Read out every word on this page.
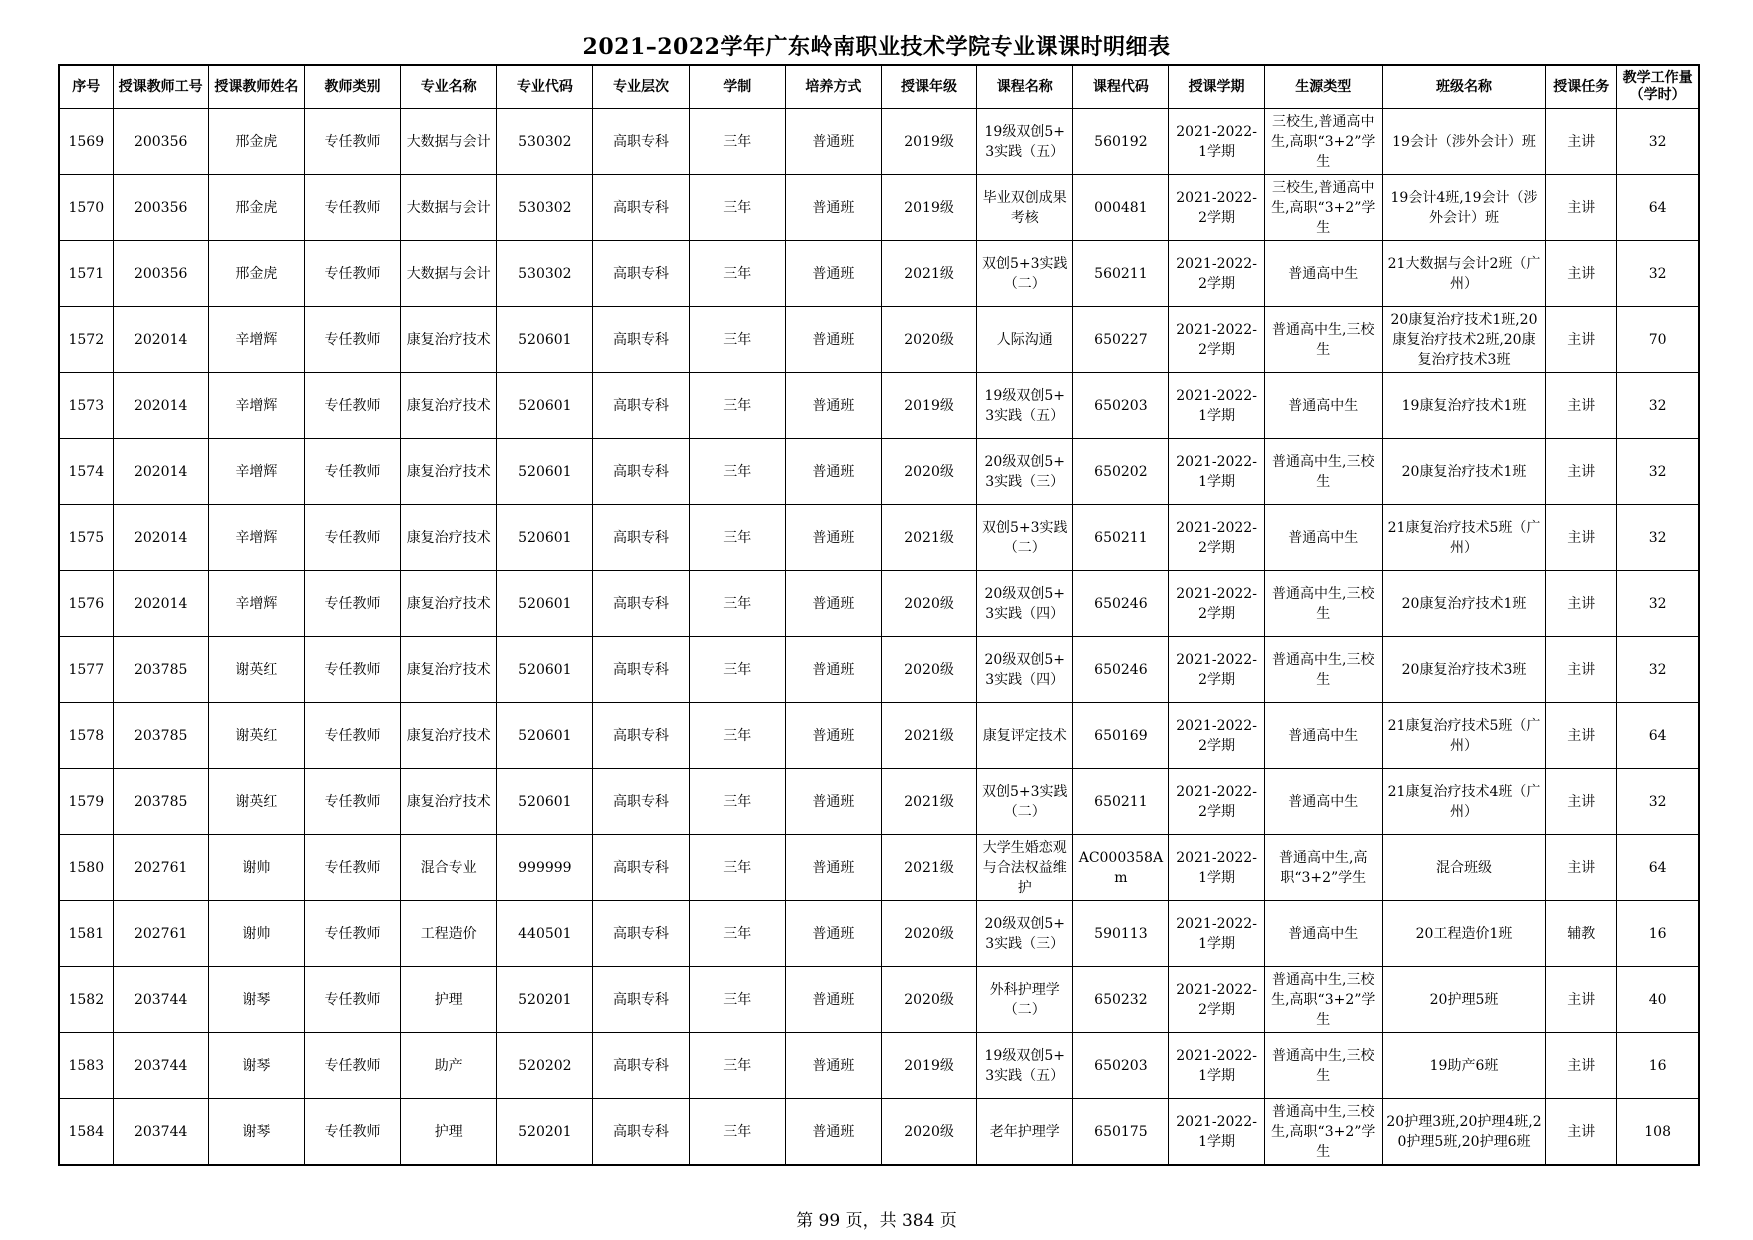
2021–2022学年广东岭南职业技术学院专业课课时明细表
序号	授课教师工号	授课教师姓名	教师类别	专业名称	专业代码	专业层次	学制	培养方式	授课年级	课程名称	课程代码	授课学期	生源类型	班级名称	授课任务	教学工作量（学时）

1569	200356	邢金虎	专任教师	大数据与会计	530302	高职专科	三年	普通班	2019级	19级双创5+3实践（五）	560192	2021-2022-1学期	三校生,普通高中生,高职“3+2”学生	19会计（涉外会计）班	主讲	32

1570	200356	邢金虎	专任教师	大数据与会计	530302	高职专科	三年	普通班	2019级	毕业双创成果考核	000481	2021-2022-2学期	三校生,普通高中生,高职“3+2”学生	19会计4班,19会计（涉外会计）班	主讲	64

1571	200356	邢金虎	专任教师	大数据与会计	530302	高职专科	三年	普通班	2021级	双创5+3实践（二）	560211	2021-2022-2学期	普通高中生	21大数据与会计2班（广州）	主讲	32

1572	202014	辛增辉	专任教师	康复治疗技术	520601	高职专科	三年	普通班	2020级	人际沟通	650227	2021-2022-2学期	普通高中生,三校生	20康复治疗技术1班,20康复治疗技术2班,20康复治疗技术3班	主讲	70

1573	202014	辛增辉	专任教师	康复治疗技术	520601	高职专科	三年	普通班	2019级	19级双创5+3实践（五）	650203	2021-2022-1学期	普通高中生	19康复治疗技术1班	主讲	32

1574	202014	辛增辉	专任教师	康复治疗技术	520601	高职专科	三年	普通班	2020级	20级双创5+3实践（三）	650202	2021-2022-1学期	普通高中生,三校生	20康复治疗技术1班	主讲	32

1575	202014	辛增辉	专任教师	康复治疗技术	520601	高职专科	三年	普通班	2021级	双创5+3实践（二）	650211	2021-2022-2学期	普通高中生	21康复治疗技术5班（广州）	主讲	32

1576	202014	辛增辉	专任教师	康复治疗技术	520601	高职专科	三年	普通班	2020级	20级双创5+3实践（四）	650246	2021-2022-2学期	普通高中生,三校生	20康复治疗技术1班	主讲	32

1577	203785	谢英红	专任教师	康复治疗技术	520601	高职专科	三年	普通班	2020级	20级双创5+3实践（四）	650246	2021-2022-2学期	普通高中生,三校生	20康复治疗技术3班	主讲	32

1578	203785	谢英红	专任教师	康复治疗技术	520601	高职专科	三年	普通班	2021级	康复评定技术	650169	2021-2022-2学期	普通高中生	21康复治疗技术5班（广州）	主讲	64

1579	203785	谢英红	专任教师	康复治疗技术	520601	高职专科	三年	普通班	2021级	双创5+3实践（二）	650211	2021-2022-2学期	普通高中生	21康复治疗技术4班（广州）	主讲	32

1580	202761	谢帅	专任教师	混合专业	999999	高职专科	三年	普通班	2021级	大学生婚恋观与合法权益维护	AC000358Am	2021-2022-1学期	普通高中生,高职“3+2”学生	混合班级	主讲	64

1581	202761	谢帅	专任教师	工程造价	440501	高职专科	三年	普通班	2020级	20级双创5+3实践（三）	590113	2021-2022-1学期	普通高中生	20工程造价1班	辅教	16

1582	203744	谢琴	专任教师	护理	520201	高职专科	三年	普通班	2020级	外科护理学（二）	650232	2021-2022-2学期	普通高中生,三校生,高职“3+2”学生	20护理5班	主讲	40

1583	203744	谢琴	专任教师	助产	520202	高职专科	三年	普通班	2019级	19级双创5+3实践（五）	650203	2021-2022-1学期	普通高中生,三校生	19助产6班	主讲	16

1584	203744	谢琴	专任教师	护理	520201	高职专科	三年	普通班	2020级	老年护理学	650175	2021-2022-1学期	普通高中生,三校生,高职“3+2”学生	20护理3班,20护理4班,20护理5班,20护理6班	主讲	108
第 99 页，共 384 页
